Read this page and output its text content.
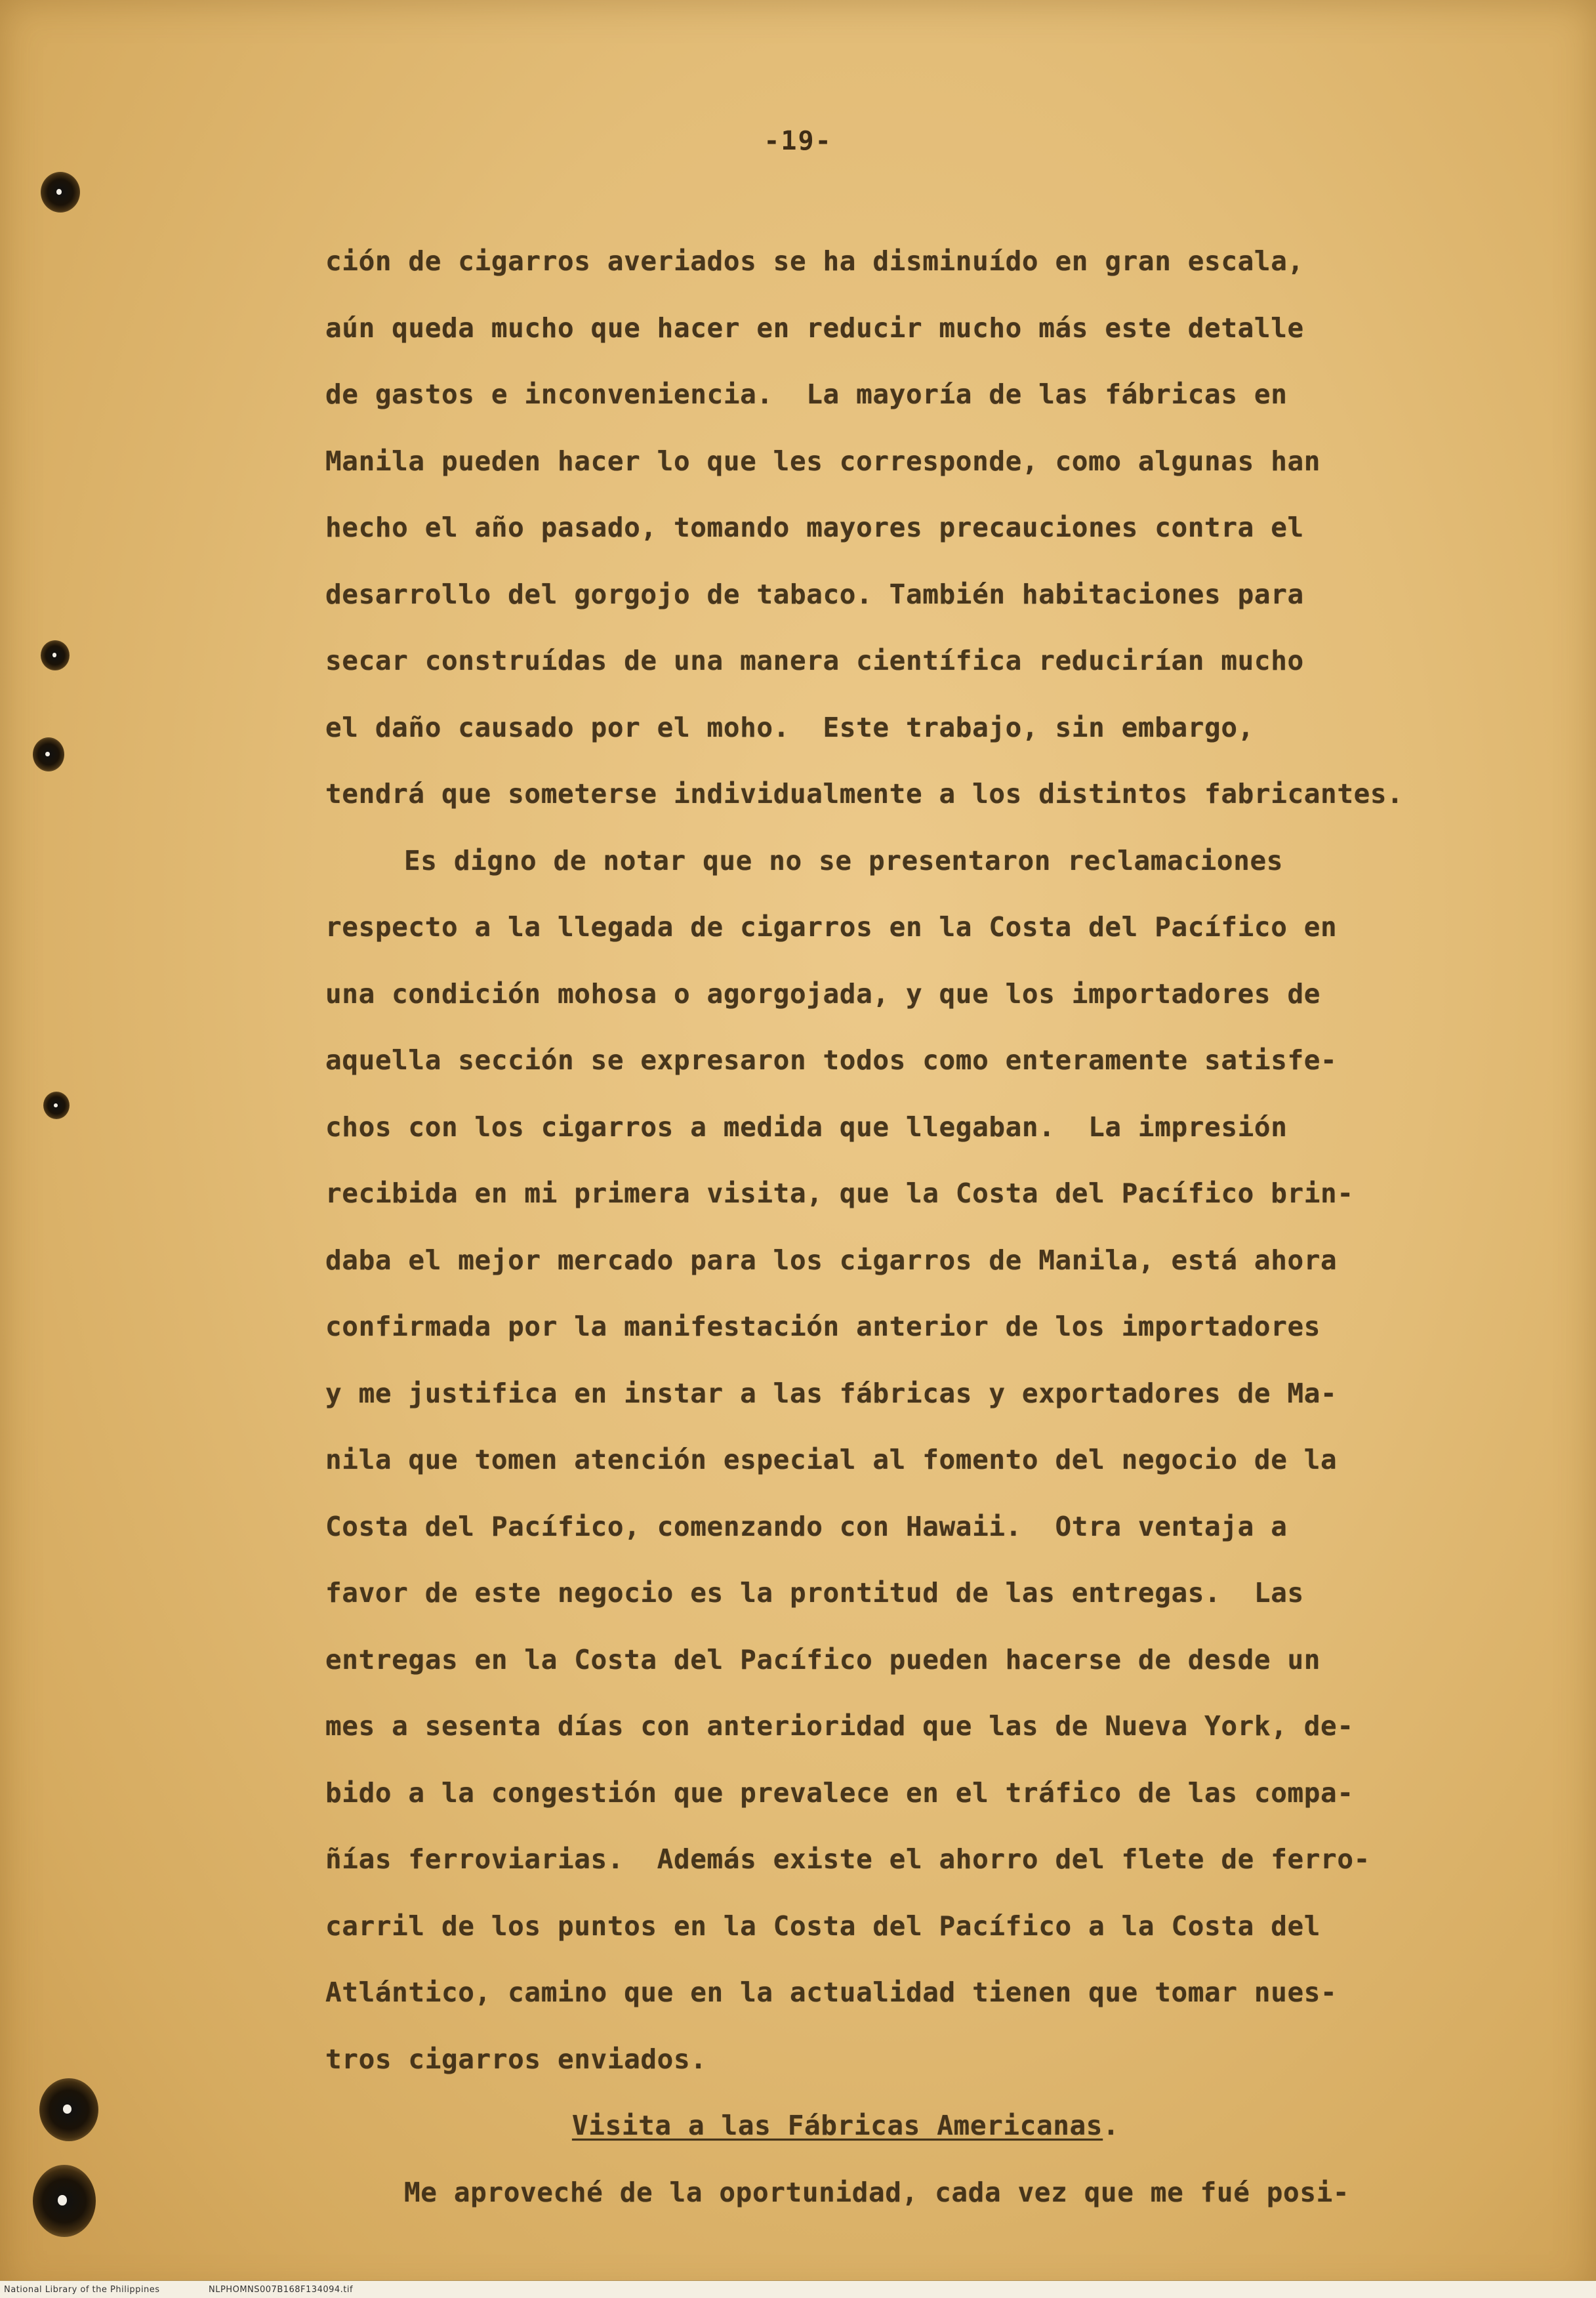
-19-
ción de cigarros averiados se ha disminuído en gran escala,
aún queda mucho que hacer en reducir mucho más este detalle
de gastos e inconveniencia.  La mayoría de las fábricas en
Manila pueden hacer lo que les corresponde, como algunas han
hecho el año pasado, tomando mayores precauciones contra el
desarrollo del gorgojo de tabaco. También habitaciones para
secar construídas de una manera científica reducirían mucho
el daño causado por el moho.  Este trabajo, sin embargo,
tendrá que someterse individualmente a los distintos fabricantes.
Es digno de notar que no se presentaron reclamaciones
respecto a la llegada de cigarros en la Costa del Pacífico en
una condición mohosa o agorgojada, y que los importadores de
aquella sección se expresaron todos como enteramente satisfe-
chos con los cigarros a medida que llegaban.  La impresión
recibida en mi primera visita, que la Costa del Pacífico brin-
daba el mejor mercado para los cigarros de Manila, está ahora
confirmada por la manifestación anterior de los importadores
y me justifica en instar a las fábricas y exportadores de Ma-
nila que tomen atención especial al fomento del negocio de la
Costa del Pacífico, comenzando con Hawaii.  Otra ventaja a
favor de este negocio es la prontitud de las entregas.  Las
entregas en la Costa del Pacífico pueden hacerse de desde un
mes a sesenta días con anterioridad que las de Nueva York, de-
bido a la congestión que prevalece en el tráfico de las compa-
ñías ferroviarias.  Además existe el ahorro del flete de ferro-
carril de los puntos en la Costa del Pacífico a la Costa del
Atlántico, camino que en la actualidad tienen que tomar nues-
tros cigarros enviados.
Visita a las Fábricas Americanas.
Me aproveché de la oportunidad, cada vez que me fué posi-
National Library of the Philippines	NLPHOMNS007B168F134094.tif
